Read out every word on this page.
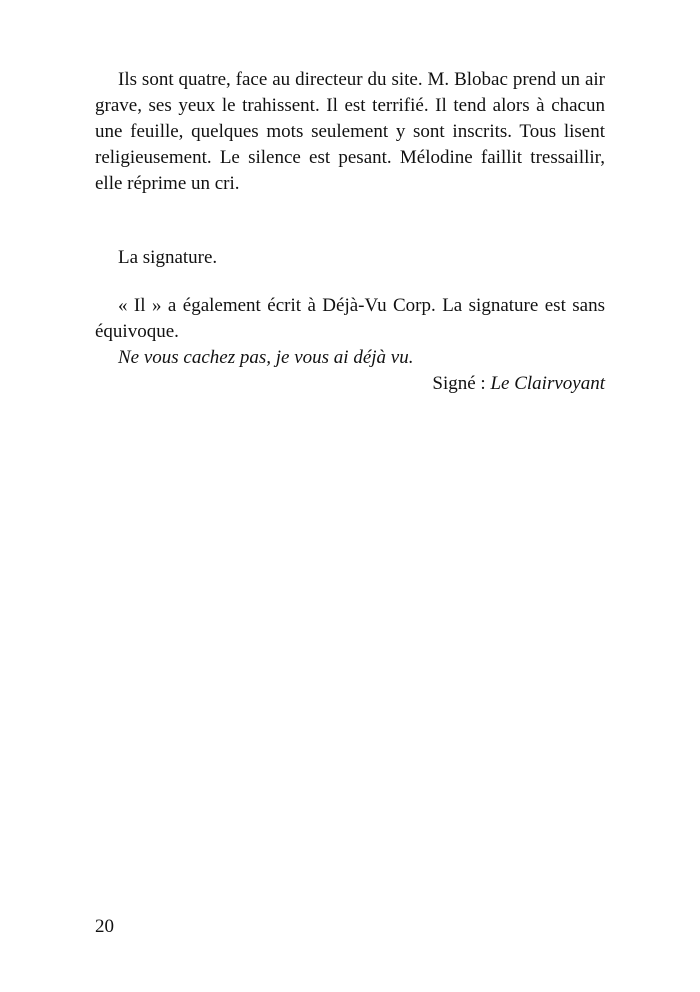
Ils sont quatre, face au directeur du site. M. Blobac prend un air grave, ses yeux le trahissent. Il est terrifié. Il tend alors à chacun une feuille, quelques mots seulement y sont inscrits. Tous lisent religieusement. Le silence est pesant. Mélodine faillit tressaillir, elle réprime un cri.

La signature.

« Il » a également écrit à Déjà-Vu Corp. La signature est sans équivoque.

Ne vous cachez pas, je vous ai déjà vu.

Signé : Le Clairvoyant

20
